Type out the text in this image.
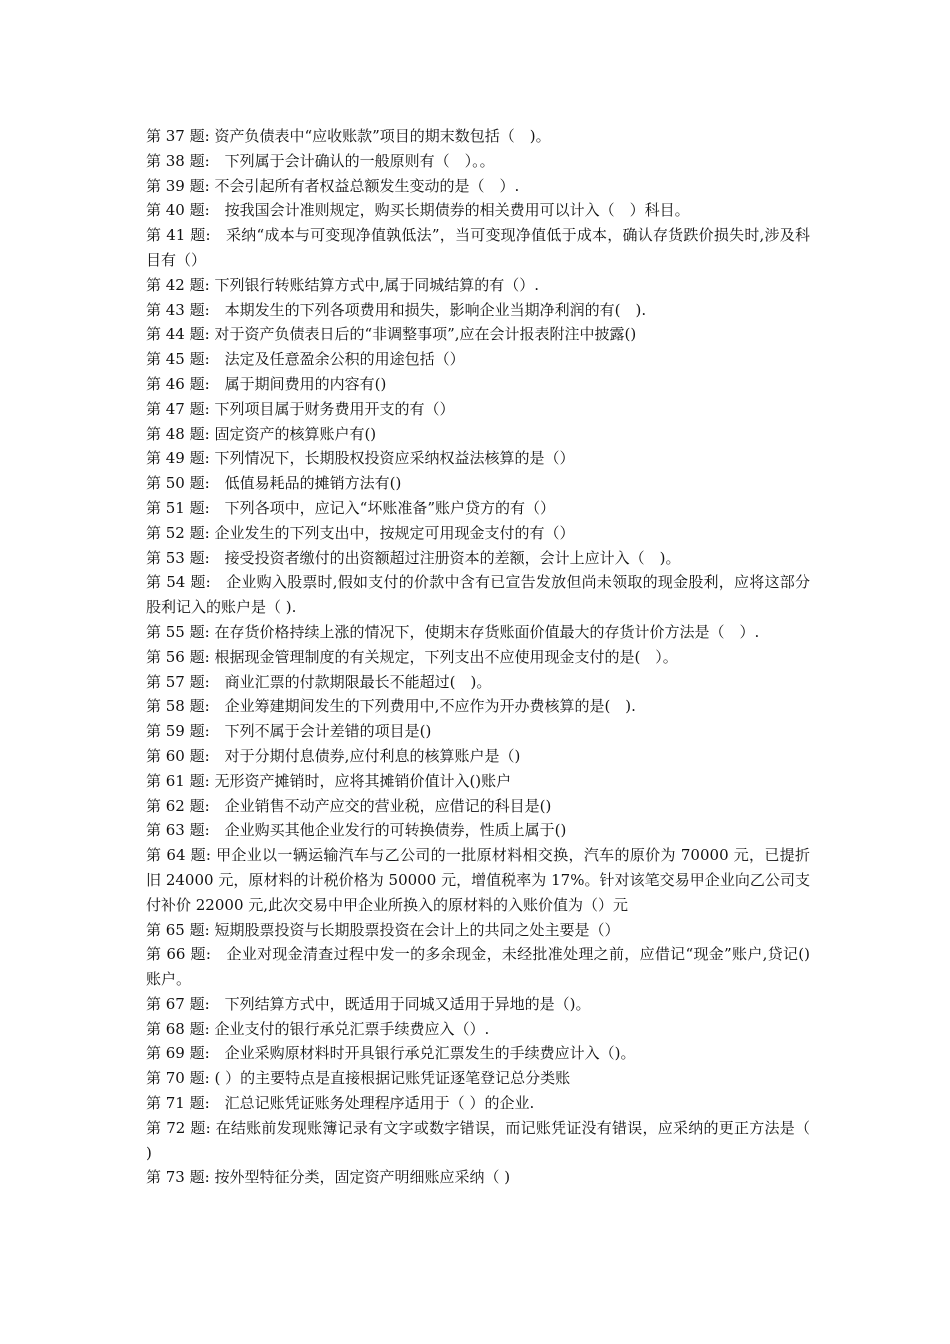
第 37 题: 资产负债表中“应收账款”项目的期末数包括（　)。

第 38 题:　下列属于会计确认的一般原则有（　）。。

第 39 题: 不会引起所有者权益总额发生变动的是（　）.

第 40 题:　按我国会计准则规定，购买长期债券的相关费用可以计入（　）科目。

第 41 题:　采纳“成本与可变现净值孰低法”，当可变现净值低于成本，确认存货跌价损失时,涉及科目有（）

第 42 题: 下列银行转账结算方式中,属于同城结算的有（）.

第 43 题:　本期发生的下列各项费用和损失，影响企业当期净利润的有(　).

第 44 题: 对于资产负债表日后的“非调整事项”,应在会计报表附注中披露()

第 45 题:　法定及任意盈余公积的用途包括（）

第 46 题:　属于期间费用的内容有()

第 47 题: 下列项目属于财务费用开支的有（）

第 48 题: 固定资产的核算账户有()

第 49 题: 下列情况下，长期股权投资应采纳权益法核算的是（）

第 50 题:　低值易耗品的摊销方法有()

第 51 题:　下列各项中，应记入“坏账准备”账户贷方的有（）

第 52 题: 企业发生的下列支出中，按规定可用现金支付的有（）

第 53 题:　接受投资者缴付的出资额超过注册资本的差额，会计上应计入（　)。

第 54 题:　企业购入股票时,假如支付的价款中含有已宣告发放但尚未领取的现金股利，应将这部分股利记入的账户是（ ).

第 55 题: 在存货价格持续上涨的情况下，使期末存货账面价值最大的存货计价方法是（　）.

第 56 题: 根据现金管理制度的有关规定，下列支出不应使用现金支付的是(　）。

第 57 题:　商业汇票的付款期限最长不能超过(　)。

第 58 题:　企业筹建期间发生的下列费用中,不应作为开办费核算的是(　).

第 59 题:　下列不属于会计差错的项目是()

第 60 题:　对于分期付息债券,应付利息的核算账户是（)

第 61 题: 无形资产摊销时，应将其摊销价值计入()账户

第 62 题:　企业销售不动产应交的营业税，应借记的科目是()

第 63 题:　企业购买其他企业发行的可转换债券，性质上属于()

第 64 题: 甲企业以一辆运输汽车与乙公司的一批原材料相交换，汽车的原价为 70000 元，已提折旧 24000 元，原材料的计税价格为 50000 元，增值税率为 17%。针对该笔交易甲企业向乙公司支付补价 22000 元,此次交易中甲企业所换入的原材料的入账价值为（）元

第 65 题: 短期股票投资与长期股票投资在会计上的共同之处主要是（）

第 66 题:　企业对现金清查过程中发一的多余现金，未经批准处理之前，应借记“现金”账户,贷记() 账户。

第 67 题:　下列结算方式中，既适用于同城又适用于异地的是（)。

第 68 题: 企业支付的银行承兑汇票手续费应入（）.

第 69 题:　企业采购原材料时开具银行承兑汇票发生的手续费应计入（)。

第 70 题: ( ）的主要特点是直接根据记账凭证逐笔登记总分类账

第 71 题:　汇总记账凭证账务处理程序适用于（ ）的企业.

第 72 题: 在结账前发现账簿记录有文字或数字错误，而记账凭证没有错误，应采纳的更正方法是（ )

第 73 题: 按外型特征分类，固定资产明细账应采纳（ )
